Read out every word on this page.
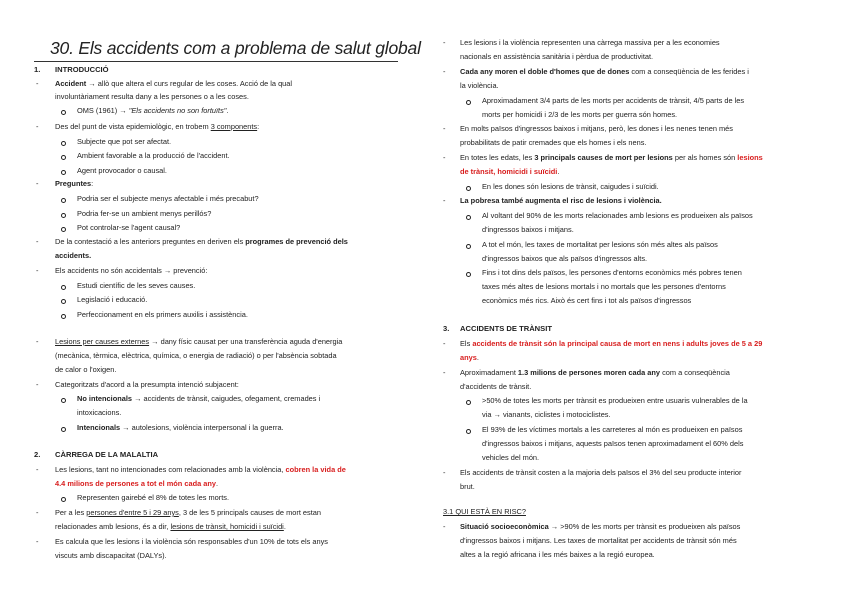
30. Els accidents com a problema de salut global
1. INTRODUCCIÓ
- Accident → allò que altera el curs regular de les coses. Acció de la qual
involuntàriament resulta dany a les persones o a les coses.
OMS (1961) → "Els accidents no son fortuïts".
- Des del punt de vista epidemiològic, en trobem 3 components:
Subjecte que pot ser afectat.
Ambient favorable a la producció de l'accident.
Agent provocador o causal.
- Preguntes:
Podria ser el subjecte menys afectable i més precabut?
Podria fer-se un ambient menys perillós?
Pot controlar-se l'agent causal?
- De la contestació a les anteriors preguntes en deriven els programes de prevenció dels
accidents.
- Els accidents no són accidentals → prevenció:
Estudi científic de les seves causes.
Legislació i educació.
Perfeccionament en els primers auxilis i assistència.
- Lesions per causes externes → dany físic causat per una transferència aguda d'energia
(mecànica, tèrmica, elèctrica, química, o energia de radiació) o per l'absència sobtada
de calor o l'oxigen.
- Categoritzats d'acord a la presumpta intenció subjacent:
No intencionals → accidents de trànsit, caigudes, ofegament, cremades i
intoxicacions.
Intencionals → autolesions, violència interpersonal i la guerra.
2. CÀRREGA DE LA MALALTIA
- Les lesions, tant no intencionades com relacionades amb la violència, cobren la vida de
4.4 milions de persones a tot el món cada any.
Representen gairebé el 8% de totes les morts.
- Per a les persones d'entre 5 i 29 anys, 3 de les 5 principals causes de mort estan
relacionades amb lesions, és a dir, lesions de trànsit, homicidi i suïcidi.
- Es calcula que les lesions i la violència són responsables d'un 10% de tots els anys
viscuts amb discapacitat (DALYs).
- Les lesions i la violència representen una càrrega massiva per a les economies
nacionals en assistència sanitària i pèrdua de productivitat.
- Cada any moren el doble d'homes que de dones com a conseqüència de les ferides i
la violència.
Aproximadament 3/4 parts de les morts per accidents de trànsit, 4/5 parts de les
morts per homicidi i 2/3 de les morts per guerra són homes.
- En molts països d'ingressos baixos i mitjans, però, les dones i les nenes tenen més
probabilitats de patir cremades que els homes i els nens.
- En totes les edats, les 3 principals causes de mort per lesions per als homes són lesions
de trànsit, homicidi i suïcidi.
En les dones són lesions de trànsit, caigudes i suïcidi.
- La pobresa també augmenta el risc de lesions i violència.
Al voltant del 90% de les morts relacionades amb lesions es produeixen als països
d'ingressos baixos i mitjans.
A tot el món, les taxes de mortalitat per lesions són més altes als països
d'ingressos baixos que als països d'ingressos alts.
Fins i tot dins dels països, les persones d'entorns econòmics més pobres tenen
taxes més altes de lesions mortals i no mortals que les persones d'entorns
econòmics més rics. Això és cert fins i tot als països d'ingressos
3. ACCIDENTS DE TRÀNSIT
- Els accidents de trànsit són la principal causa de mort en nens i adults joves de 5 a 29
anys.
- Aproximadament 1.3 milions de persones moren cada any com a conseqüència
d'accidents de trànsit.
>50% de totes les morts per trànsit es produeixen entre usuaris vulnerables de la
via → vianants, ciclistes i motociclistes.
El 93% de les víctimes mortals a les carreteres al món es produeixen en països
d'ingressos baixos i mitjans, aquests països tenen aproximadament el 60% dels
vehicles del món.
- Els accidents de trànsit costen a la majoria dels països el 3% del seu producte interior
brut.
3.1 QUI ESTÀ EN RISC?
- Situació socioeconòmica → >90% de les morts per trànsit es produeixen als països
d'ingressos baixos i mitjans. Les taxes de mortalitat per accidents de trànsit són més
altes a la regió africana i les més baixes a la regió europea.
